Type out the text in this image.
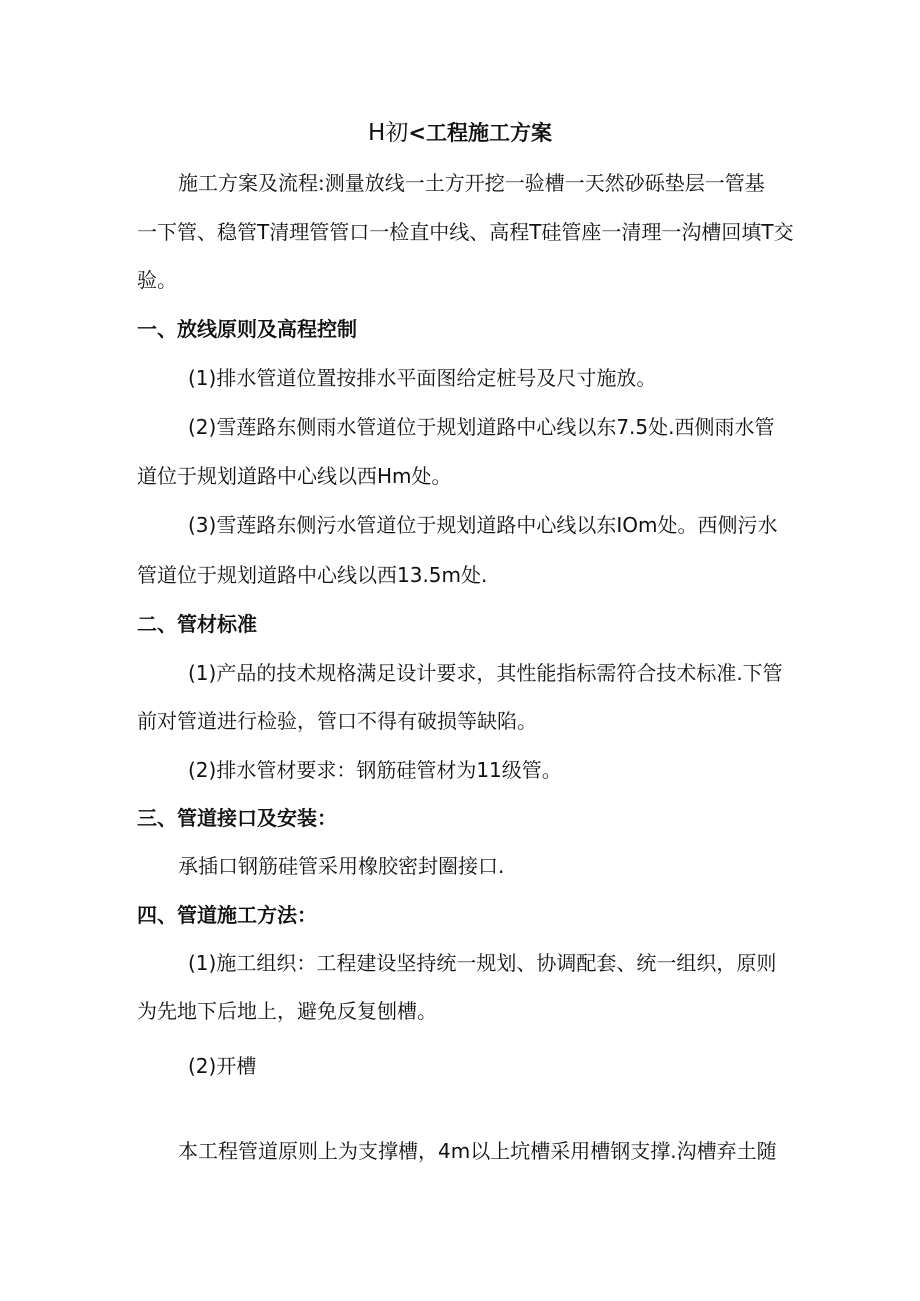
H初<工程施工方案
施工方案及流程:测量放线一土方开挖一验槽一天然砂砾垫层一管基
一下管、稳管T清理管管口一检直中线、高程T硅管座一清理一沟槽回填T交
验。
一、放线原则及高程控制
(1)排水管道位置按排水平面图给定桩号及尺寸施放。
(2)雪莲路东侧雨水管道位于规划道路中心线以东7.5处.西侧雨水管
道位于规划道路中心线以西Hm处。
(3)雪莲路东侧污水管道位于规划道路中心线以东IOm处。西侧污水
管道位于规划道路中心线以西13.5m处.
二、管材标准
(1)产品的技术规格满足设计要求，其性能指标需符合技术标准.下管
前对管道进行检验，管口不得有破损等缺陷。
(2)排水管材要求：钢筋硅管材为11级管。
三、管道接口及安装：
承插口钢筋硅管采用橡胶密封圈接口.
四、管道施工方法：
(1)施工组织：工程建设坚持统一规划、协调配套、统一组织，原则
为先地下后地上，避免反复刨槽。
(2)开槽
本工程管道原则上为支撑槽，4m以上坑槽采用槽钢支撑.沟槽弃土随
